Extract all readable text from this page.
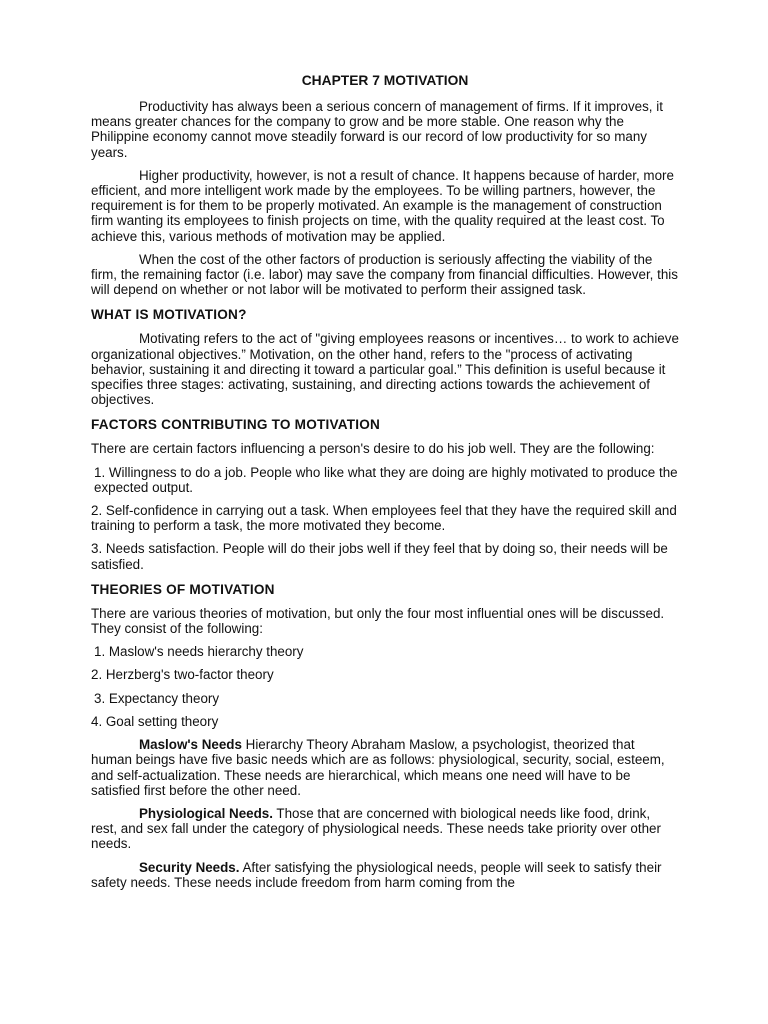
CHAPTER 7 MOTIVATION

Productivity has always been a serious concern of management of firms. If it improves, it means greater chances for the company to grow and be more stable. One reason why the Philippine economy cannot move steadily forward is our record of low productivity for so many years.

Higher productivity, however, is not a result of chance. It happens because of harder, more efficient, and more intelligent work made by the employees. To be willing partners, however, the requirement is for them to be properly motivated. An example is the management of construction firm wanting its employees to finish projects on time, with the quality required at the least cost. To achieve this, various methods of motivation may be applied.

When the cost of the other factors of production is seriously affecting the viability of the firm, the remaining factor (i.e. labor) may save the company from financial difficulties. However, this will depend on whether or not labor will be motivated to perform their assigned task.

WHAT IS MOTIVATION?

Motivating refers to the act of "giving employees reasons or incentives… to work to achieve organizational objectives.” Motivation, on the other hand, refers to the "process of activating behavior, sustaining it and directing it toward a particular goal.” This definition is useful because it specifies three stages: activating, sustaining, and directing actions towards the achievement of objectives.

FACTORS CONTRIBUTING TO MOTIVATION

There are certain factors influencing a person's desire to do his job well. They are the following:

1. Willingness to do a job. People who like what they are doing are highly motivated to produce the expected output.

2. Self-confidence in carrying out a task. When employees feel that they have the required skill and training to perform a task, the more motivated they become.

3. Needs satisfaction. People will do their jobs well if they feel that by doing so, their needs will be satisfied.

THEORIES OF MOTIVATION

There are various theories of motivation, but only the four most influential ones will be discussed. They consist of the following:

1. Maslow's needs hierarchy theory

2. Herzberg's two-factor theory

3. Expectancy theory

4. Goal setting theory

Maslow's Needs Hierarchy Theory Abraham Maslow, a psychologist, theorized that human beings have five basic needs which are as follows: physiological, security, social, esteem, and self-actualization. These needs are hierarchical, which means one need will have to be satisfied first before the other need.

Physiological Needs. Those that are concerned with biological needs like food, drink, rest, and sex fall under the category of physiological needs. These needs take priority over other needs.

Security Needs. After satisfying the physiological needs, people will seek to satisfy their safety needs. These needs include freedom from harm coming from the
